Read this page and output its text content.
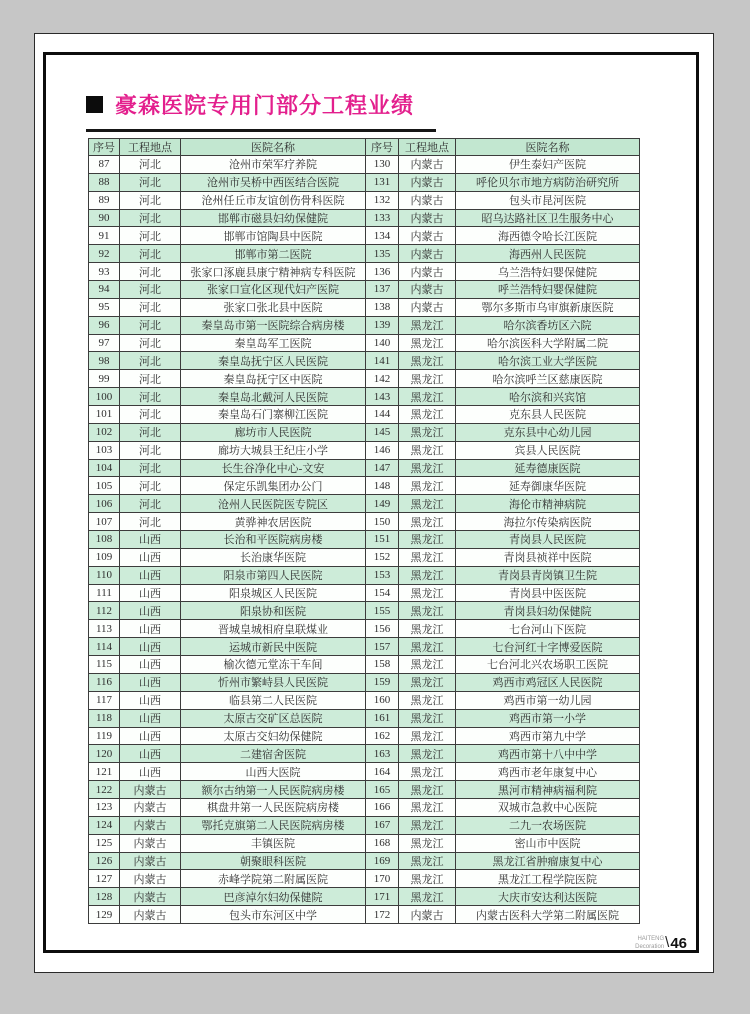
豪森医院专用门部分工程业绩
序号	工程地点	医院名称	序号	工程地点	医院名称
87	河北	沧州市荣军疗养院	130	内蒙古	伊生泰妇产医院
88	河北	沧州市吴桥中西医结合医院	131	内蒙古	呼伦贝尔市地方病防治研究所
89	河北	沧州任丘市友谊创伤骨科医院	132	内蒙古	包头市昆河医院
90	河北	邯郸市磁县妇幼保健院	133	内蒙古	昭乌达路社区卫生服务中心
91	河北	邯郸市馆陶县中医院	134	内蒙古	海西德令哈长江医院
92	河北	邯郸市第二医院	135	内蒙古	海西州人民医院
93	河北	张家口涿鹿县康宁精神病专科医院	136	内蒙古	乌兰浩特妇婴保健院
94	河北	张家口宣化区现代妇产医院	137	内蒙古	呼兰浩特妇婴保健院
95	河北	张家口张北县中医院	138	内蒙古	鄂尔多斯市乌审旗新康医院
96	河北	秦皇岛市第一医院综合病房楼	139	黑龙江	哈尔滨香坊区六院
97	河北	秦皇岛军工医院	140	黑龙江	哈尔滨医科大学附属二院
98	河北	秦皇岛抚宁区人民医院	141	黑龙江	哈尔滨工业大学医院
99	河北	秦皇岛抚宁区中医院	142	黑龙江	哈尔滨呼兰区慈康医院
100	河北	秦皇岛北戴河人民医院	143	黑龙江	哈尔滨和兴宾馆
101	河北	秦皇岛石门寨柳江医院	144	黑龙江	克东县人民医院
102	河北	廊坊市人民医院	145	黑龙江	克东县中心幼儿园
103	河北	廊坊大城县王纪庄小学	146	黑龙江	宾县人民医院
104	河北	长生谷净化中心-文安	147	黑龙江	延寿德康医院
105	河北	保定乐凯集团办公门	148	黑龙江	延寿御康华医院
106	河北	沧州人民医院医专院区	149	黑龙江	海伦市精神病院
107	河北	黄骅神农居医院	150	黑龙江	海拉尔传染病医院
108	山西	长治和平医院病房楼	151	黑龙江	青岗县人民医院
109	山西	长治康华医院	152	黑龙江	青岗县祯祥中医院
110	山西	阳泉市第四人民医院	153	黑龙江	青岗县青岗镇卫生院
111	山西	阳泉城区人民医院	154	黑龙江	青岗县中医医院
112	山西	阳泉协和医院	155	黑龙江	青岗县妇幼保健院
113	山西	晋城皇城相府皇联煤业	156	黑龙江	七台河山下医院
114	山西	运城市新民中医院	157	黑龙江	七台河红十字博爱医院
115	山西	榆次德元堂冻干车间	158	黑龙江	七台河北兴农场职工医院
116	山西	忻州市繁峙县人民医院	159	黑龙江	鸡西市鸡冠区人民医院
117	山西	临县第二人民医院	160	黑龙江	鸡西市第一幼儿园
118	山西	太原古交矿区总医院	161	黑龙江	鸡西市第一小学
119	山西	太原古交妇幼保健院	162	黑龙江	鸡西市第九中学
120	山西	二建宿舍医院	163	黑龙江	鸡西市第十八中中学
121	山西	山西大医院	164	黑龙江	鸡西市老年康复中心
122	内蒙古	额尔古纳第一人民医院病房楼	165	黑龙江	黑河市精神病福利院
123	内蒙古	棋盘井第一人民医院病房楼	166	黑龙江	双城市急救中心医院
124	内蒙古	鄂托克旗第二人民医院病房楼	167	黑龙江	二九一农场医院
125	内蒙古	丰镇医院	168	黑龙江	密山市中医院
126	内蒙古	朝聚眼科医院	169	黑龙江	黑龙江省肿瘤康复中心
127	内蒙古	赤峰学院第二附属医院	170	黑龙江	黑龙江工程学院医院
128	内蒙古	巴彦淖尔妇幼保健院	171	黑龙江	大庆市安达利达医院
129	内蒙古	包头市东河区中学	172	内蒙古	内蒙古医科大学第二附属医院
HAITENG
Decoration \ 46
